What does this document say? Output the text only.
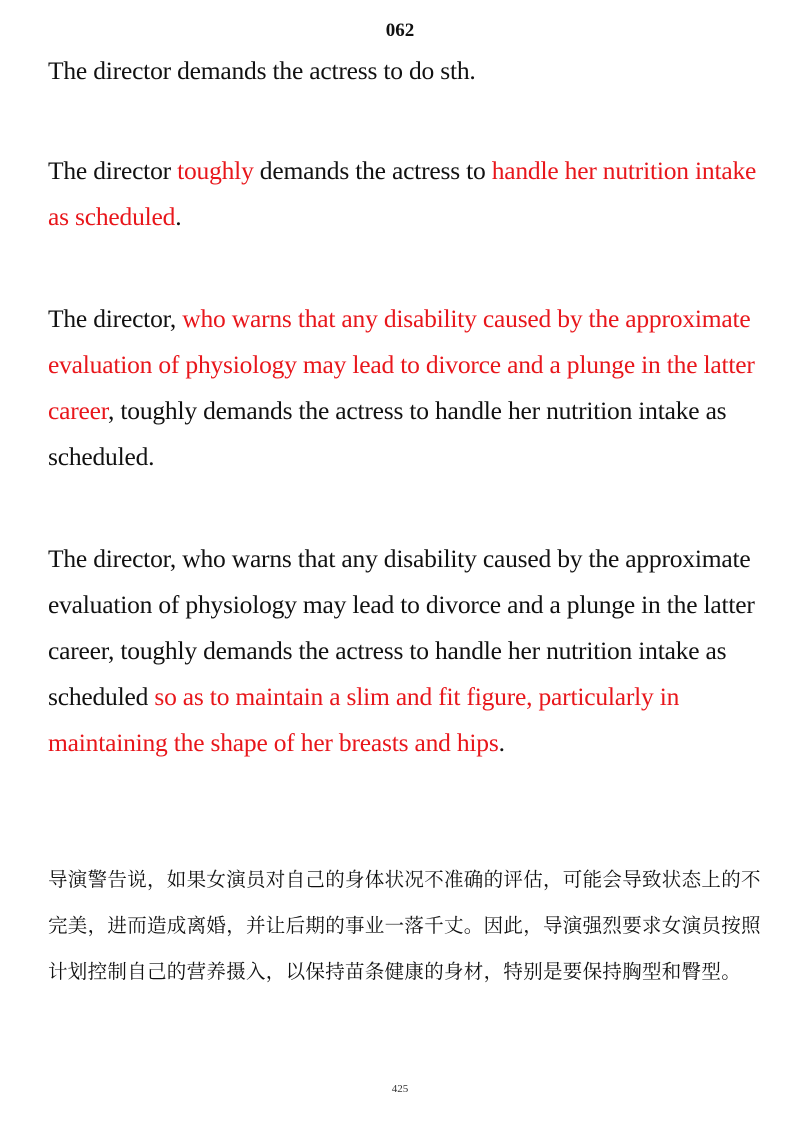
062

The director demands the actress to do sth.

The director toughly demands the actress to handle her nutrition intake as scheduled.

The director, who warns that any disability caused by the approximate evaluation of physiology may lead to divorce and a plunge in the latter career, toughly demands the actress to handle her nutrition intake as scheduled.

The director, who warns that any disability caused by the approximate evaluation of physiology may lead to divorce and a plunge in the latter career, toughly demands the actress to handle her nutrition intake as scheduled so as to maintain a slim and fit figure, particularly in maintaining the shape of her breasts and hips.

导演警告说，如果女演员对自己的身体状况不准确的评估，可能会导致状态上的不完美，进而造成离婚，并让后期的事业一落千丈。因此，导演强烈要求女演员按照计划控制自己的营养摄入，以保持苗条健康的身材，特别是要保持胸型和臀型。

425
